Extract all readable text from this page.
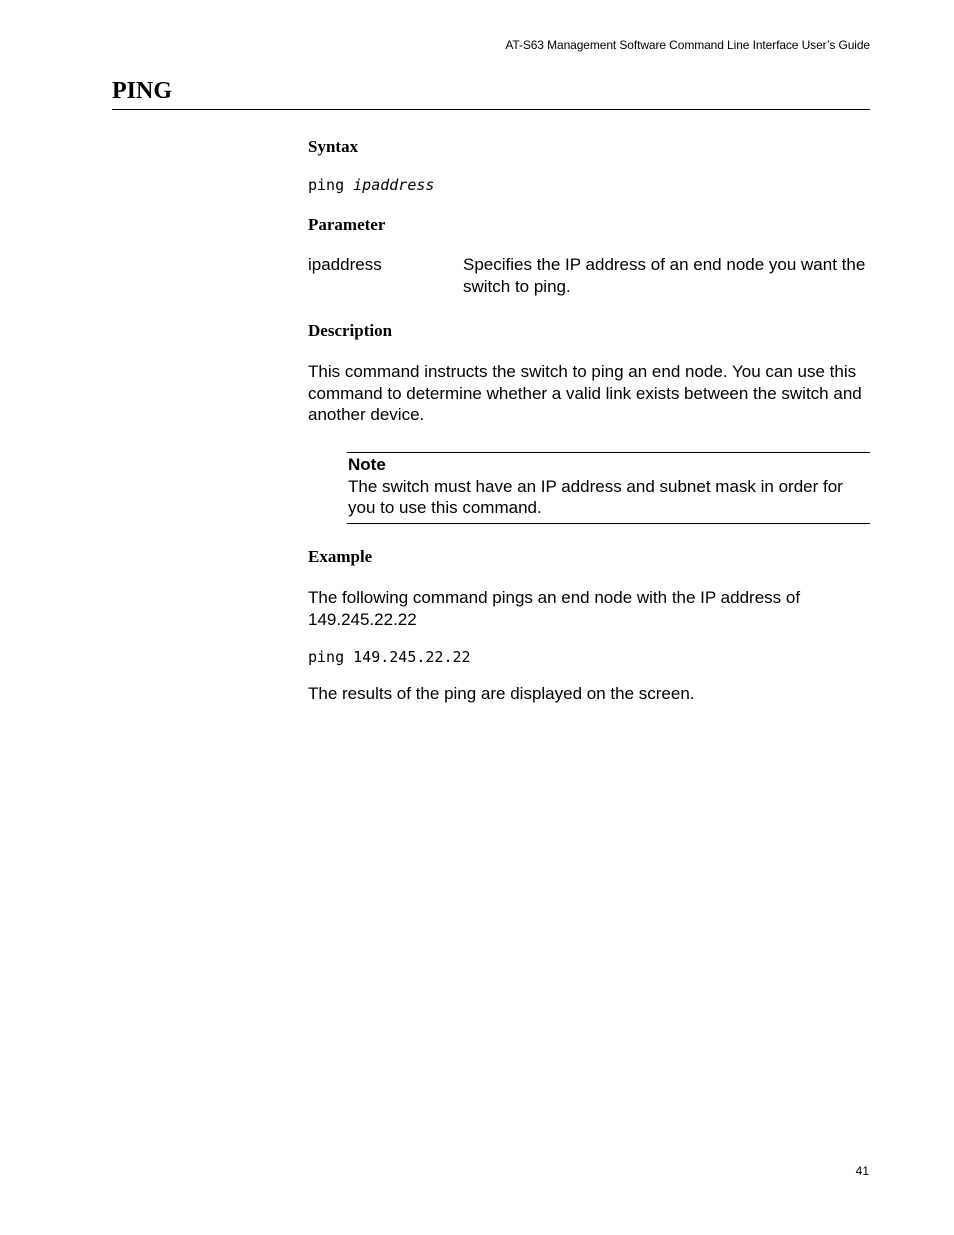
AT-S63 Management Software Command Line Interface User’s Guide
PING
Syntax
ping ipaddress
Parameter
ipaddress	Specifies the IP address of an end node you want the switch to ping.
Description

This command instructs the switch to ping an end node. You can use this command to determine whether a valid link exists between the switch and another device.

Note
The switch must have an IP address and subnet mask in order for you to use this command.
Example

The following command pings an end node with the IP address of 149.245.22.22

ping 149.245.22.22

The results of the ping are displayed on the screen.

41
